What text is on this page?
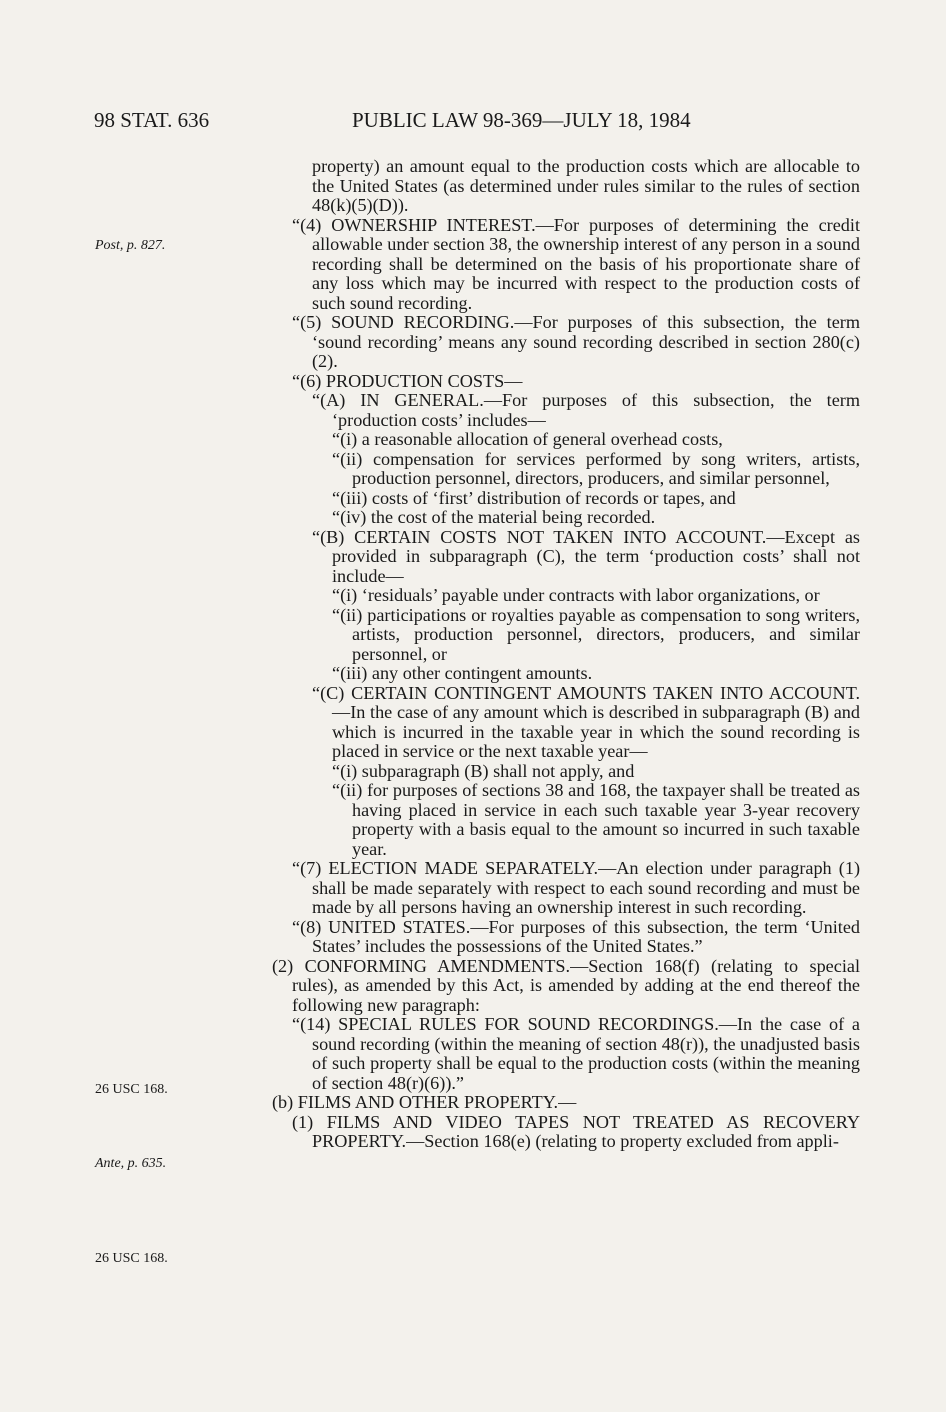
98 STAT. 636	PUBLIC LAW 98-369—JULY 18, 1984
Post, p. 827.
26 USC 168.
Ante, p. 635.
26 USC 168.

property) an amount equal to the production costs which are allocable to the United States (as determined under rules similar to the rules of section 48(k)(5)(D)).

“(4) OWNERSHIP INTEREST.—For purposes of determining the credit allowable under section 38, the ownership interest of any person in a sound recording shall be determined on the basis of his proportionate share of any loss which may be incurred with respect to the production costs of such sound recording.

“(5) SOUND RECORDING.—For purposes of this subsection, the term ‘sound recording’ means any sound recording described in section 280(c)(2).

“(6) PRODUCTION COSTS—

“(A) IN GENERAL.—For purposes of this subsection, the term ‘production costs’ includes—

“(i) a reasonable allocation of general overhead costs,

“(ii) compensation for services performed by song writers, artists, production personnel, directors, producers, and similar personnel,

“(iii) costs of ‘first’ distribution of records or tapes, and

“(iv) the cost of the material being recorded.

“(B) CERTAIN COSTS NOT TAKEN INTO ACCOUNT.—Except as provided in subparagraph (C), the term ‘production costs’ shall not include—

“(i) ‘residuals’ payable under contracts with labor organizations, or

“(ii) participations or royalties payable as compensation to song writers, artists, production personnel, directors, producers, and similar personnel, or

“(iii) any other contingent amounts.

“(C) CERTAIN CONTINGENT AMOUNTS TAKEN INTO ACCOUNT.—In the case of any amount which is described in subparagraph (B) and which is incurred in the taxable year in which the sound recording is placed in service or the next taxable year—

“(i) subparagraph (B) shall not apply, and

“(ii) for purposes of sections 38 and 168, the taxpayer shall be treated as having placed in service in each such taxable year 3-year recovery property with a basis equal to the amount so incurred in such taxable year.

“(7) ELECTION MADE SEPARATELY.—An election under paragraph (1) shall be made separately with respect to each sound recording and must be made by all persons having an ownership interest in such recording.

“(8) UNITED STATES.—For purposes of this subsection, the term ‘United States’ includes the possessions of the United States.”

(2) CONFORMING AMENDMENTS.—Section 168(f) (relating to special rules), as amended by this Act, is amended by adding at the end thereof the following new paragraph:

“(14) SPECIAL RULES FOR SOUND RECORDINGS.—In the case of a sound recording (within the meaning of section 48(r)), the unadjusted basis of such property shall be equal to the production costs (within the meaning of section 48(r)(6)).”

(b) FILMS AND OTHER PROPERTY.—

(1) FILMS AND VIDEO TAPES NOT TREATED AS RECOVERY PROPERTY.—Section 168(e) (relating to property excluded from appli-
